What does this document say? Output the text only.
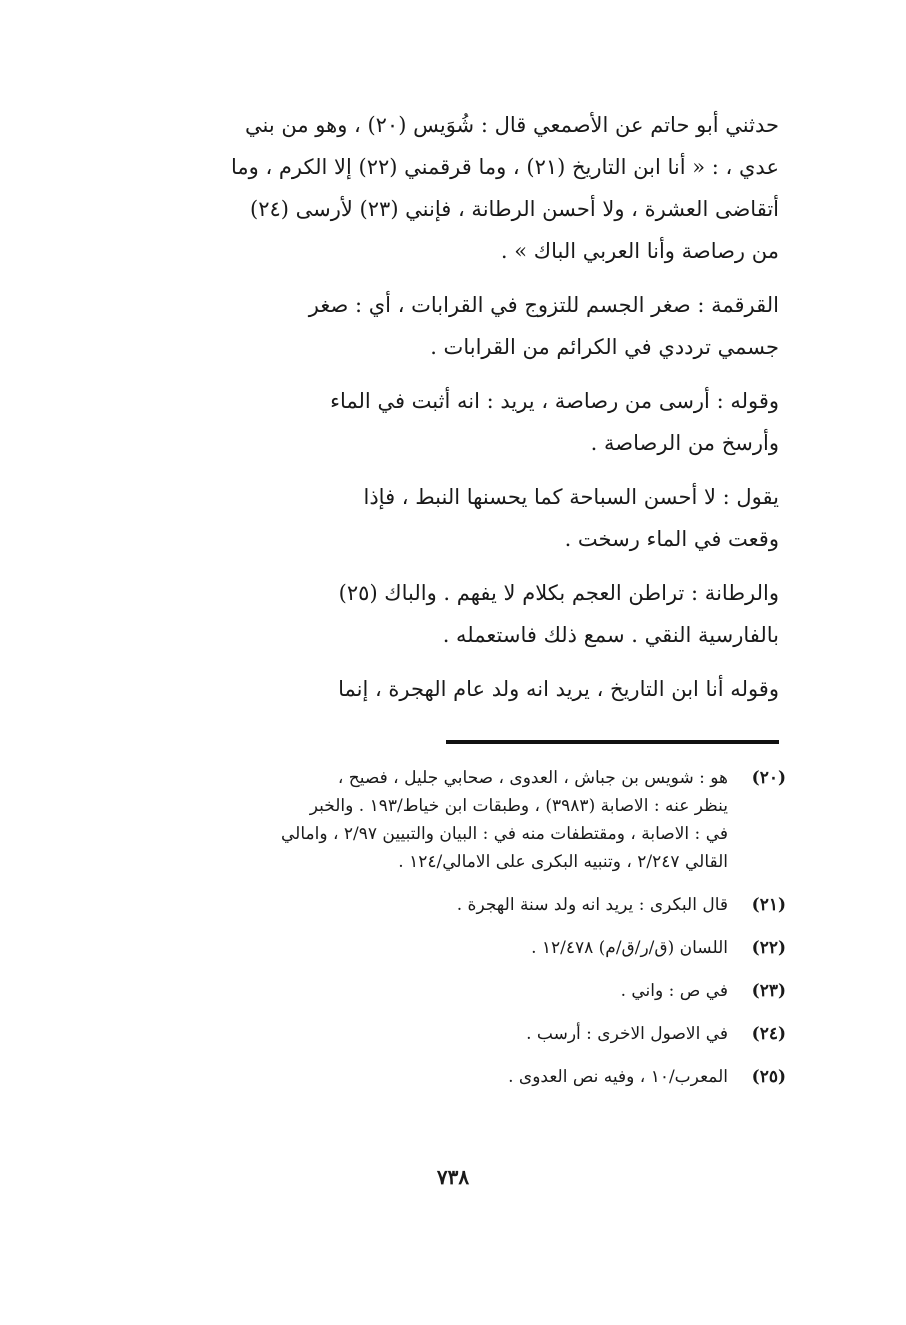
حدثني أبو حاتم عن الأصمعي قال : شُوَيس (٢٠) ، وهو من بني
عدي ، : « أنا ابن التاريخ (٢١) ، وما قرقمني (٢٢) إلا الكرم ، وما
أتقاضى العشرة ، ولا أحسن الرطانة ، فإنني (٢٣) لأرسى (٢٤)
من رصاصة وأنا العربي الباك » .

القرقمة : صغر الجسم للتزوج في القرابات ، أي : صغر
جسمي ترددي في الكرائم من القرابات .

وقوله : أرسى من رصاصة ، يريد : انه أثبت في الماء
وأرسخ من الرصاصة .

يقول : لا أحسن السباحة كما يحسنها النبط ، فإذا
وقعت في الماء رسخت .

والرطانة : تراطن العجم بكلام لا يفهم . والباك (٢٥)
بالفارسية النقي . سمع ذلك فاستعمله .

وقوله أنا ابن التاريخ ، يريد انه ولد عام الهجرة ، إنما

(٢٠)
هو : شويس بن جباش ، العدوى ، صحابي جليل ، فصيح ،
ينظر عنه : الاصابة (٣٩٨٣) ، وطبقات ابن خياط/١٩٣ . والخبر
في : الاصابة ، ومقتطفات منه في : البيان والتبيين ٢/٩٧ ، وامالي
القالي ٢/٢٤٧ ، وتنبيه البكرى على الامالي/١٢٤ .
(٢١)
قال البكرى : يريد انه ولد سنة الهجرة .
(٢٢)
اللسان (ق/ر/ق/م) ١٢/٤٧٨ .
(٢٣)
في ص : واني .
(٢٤)
في الاصول الاخرى : أرسب .
(٢٥)
المعرب/١٠ ، وفيه نص العدوى .
٧٣٨
